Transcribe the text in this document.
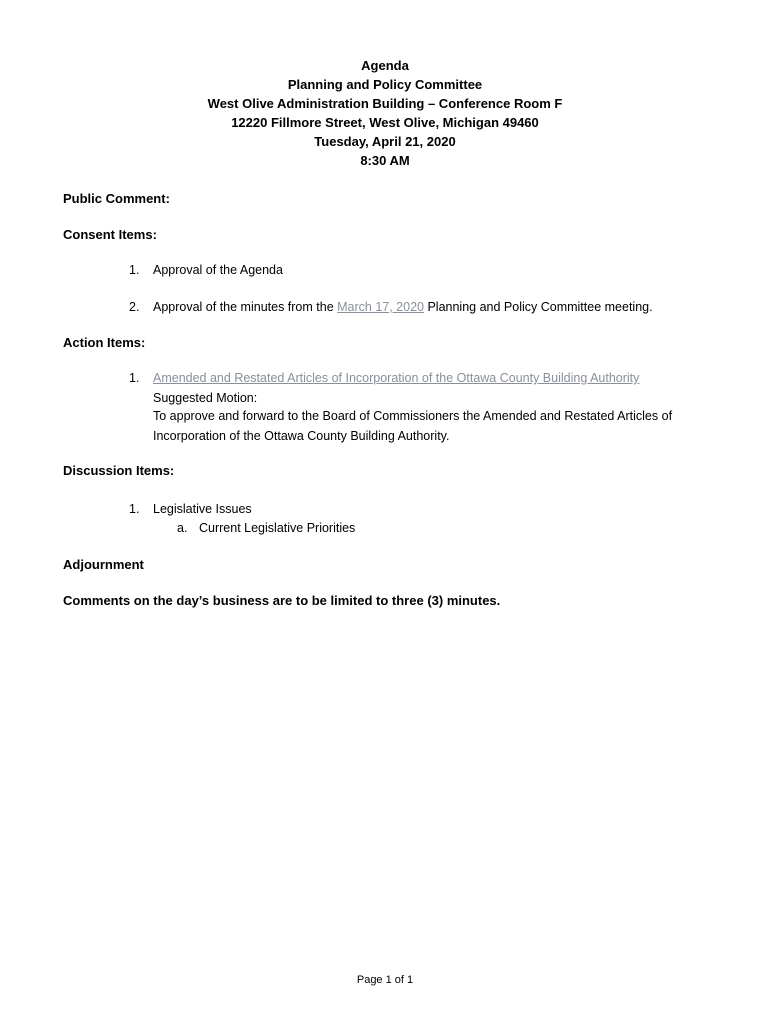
Agenda
Planning and Policy Committee
West Olive Administration Building – Conference Room F
12220 Fillmore Street, West Olive, Michigan 49460
Tuesday, April 21, 2020
8:30 AM
Public Comment:
Consent Items:
1. Approval of the Agenda
2. Approval of the minutes from the March 17, 2020 Planning and Policy Committee meeting.
Action Items:
1. Amended and Restated Articles of Incorporation of the Ottawa County Building Authority
Suggested Motion:
To approve and forward to the Board of Commissioners the Amended and Restated Articles of
Incorporation of the Ottawa County Building Authority.
Discussion Items:
1. Legislative Issues
a. Current Legislative Priorities
Adjournment
Comments on the day’s business are to be limited to three (3) minutes.
Page 1 of 1
